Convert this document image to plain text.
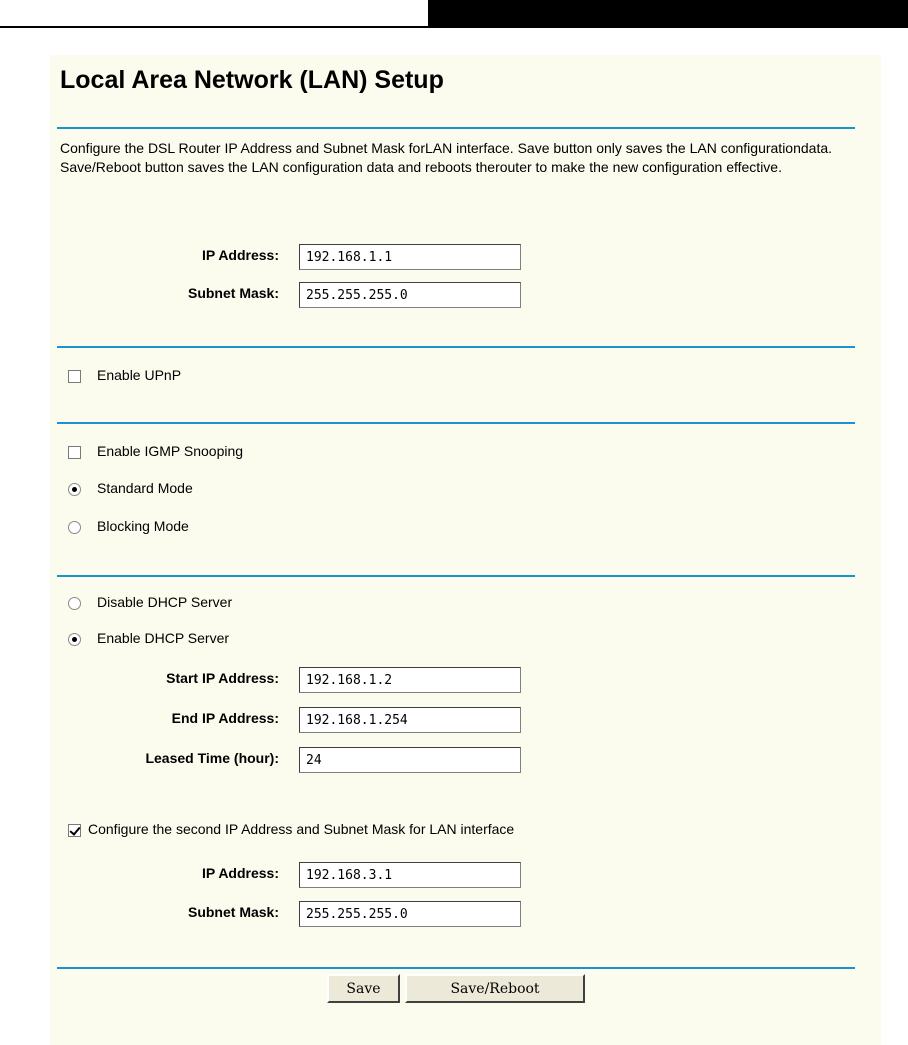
Local Area Network (LAN) Setup
Configure the DSL Router IP Address and Subnet Mask forLAN interface. Save button only saves the LAN configurationdata. Save/Reboot button saves the LAN configuration data and reboots therouter to make the new configuration effective.
IP Address:
192.168.1.1
Subnet Mask:
255.255.255.0
Enable UPnP
Enable IGMP Snooping
Standard Mode
Blocking Mode
Disable DHCP Server
Enable DHCP Server
Start IP Address:
192.168.1.2
End IP Address:
192.168.1.254
Leased Time (hour):
24
Configure the second IP Address and Subnet Mask for LAN interface
IP Address:
192.168.3.1
Subnet Mask:
255.255.255.0
Save	Save/Reboot
